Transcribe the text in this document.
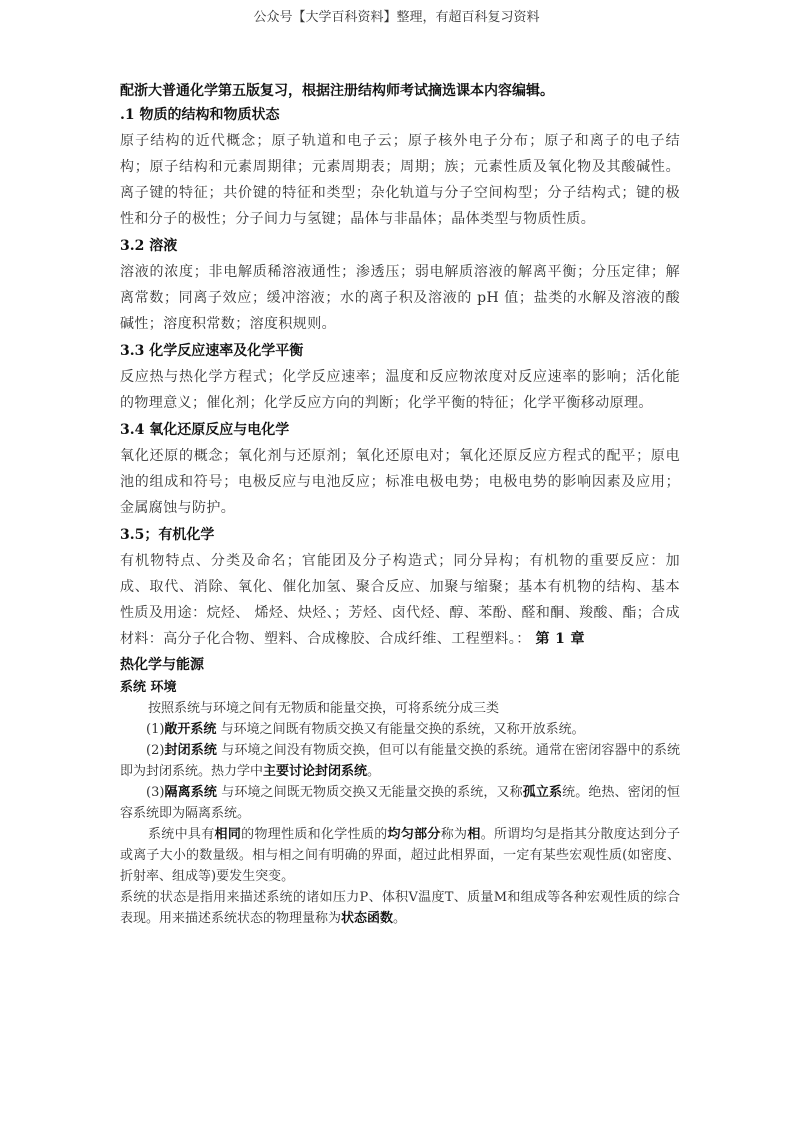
公众号【大学百科资料】整理，有超百科复习资料
配浙大普通化学第五版复习，根据注册结构师考试摘选课本内容编辑。
.1 物质的结构和物质状态
原子结构的近代概念；原子轨道和电子云；原子核外电子分布；原子和离子的电子结构；原子结构和元素周期律；元素周期表；周期；族；元素性质及氧化物及其酸碱性。离子键的特征；共价键的特征和类型；杂化轨道与分子空间构型；分子结构式；键的极性和分子的极性；分子间力与氢键；晶体与非晶体；晶体类型与物质性质。
3.2 溶液
溶液的浓度；非电解质稀溶液通性；渗透压；弱电解质溶液的解离平衡；分压定律；解离常数；同离子效应；缓冲溶液；水的离子积及溶液的 pH 值；盐类的水解及溶液的酸碱性；溶度积常数；溶度积规则。
3.3 化学反应速率及化学平衡
反应热与热化学方程式；化学反应速率；温度和反应物浓度对反应速率的影响；活化能的物理意义；催化剂；化学反应方向的判断；化学平衡的特征；化学平衡移动原理。
3.4 氧化还原反应与电化学
氧化还原的概念；氧化剂与还原剂；氧化还原电对；氧化还原反应方程式的配平；原电池的组成和符号；电极反应与电池反应；标准电极电势；电极电势的影响因素及应用；金属腐蚀与防护。
3.5；有机化学
有机物特点、分类及命名；官能团及分子构造式；同分异构；有机物的重要反应：加成、取代、消除、氧化、催化加氢、聚合反应、加聚与缩聚；基本有机物的结构、基本性质及用途：烷烃、 烯烃、炔烃、；芳烃、卤代烃、醇、苯酚、醛和酮、羧酸、酯；合成材料：高分子化合物、塑料、合成橡胶、合成纤维、工程塑料。： 第 1 章
热化学与能源
系统 环境

按照系统与环境之间有无物质和能量交换，可将系统分成三类

(1)敞开系统 与环境之间既有物质交换又有能量交换的系统，又称开放系统。

(2)封闭系统 与环境之间没有物质交换，但可以有能量交换的系统。通常在密闭容器中的系统即为封闭系统。热力学中主要讨论封闭系统。

(3)隔离系统 与环境之间既无物质交换又无能量交换的系统，又称孤立系统。绝热、密闭的恒容系统即为隔离系统。

系统中具有相同的物理性质和化学性质的均匀部分称为相。所谓均匀是指其分散度达到分子或离子大小的数量级。相与相之间有明确的界面，超过此相界面，一定有某些宏观性质(如密度、折射率、组成等)要发生突变。

系统的状态是指用来描述系统的诸如压力P、体积V温度T、质量M和组成等各种宏观性质的综合表现。用来描述系统状态的物理量称为状态函数。
